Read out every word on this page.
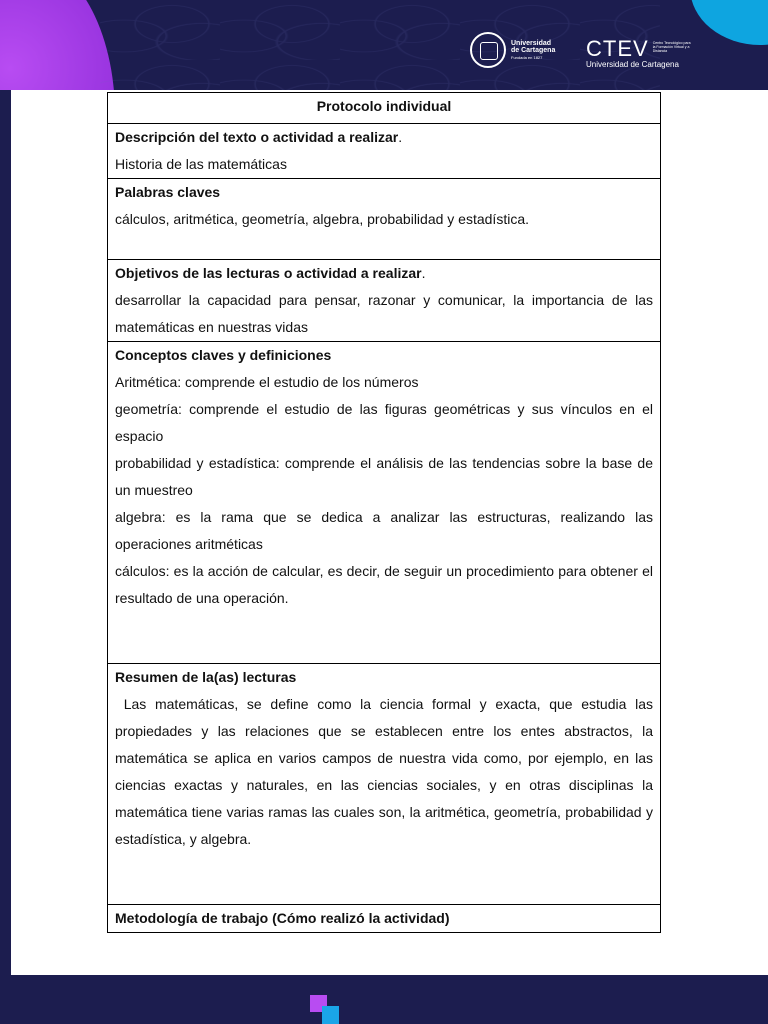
Universidad
de Cartagena
Fundada en 1827	CTEV Centro Tecnológico para la Formación Virtual y a Distancia
Universidad de Cartagena
Protocolo individual

Descripción del texto o actividad a realizar.

Historia de las matemáticas

Palabras claves

cálculos, aritmética, geometría, algebra, probabilidad y estadística.

Objetivos de las lecturas o actividad a realizar.

desarrollar la capacidad para pensar, razonar y comunicar, la importancia de las matemáticas en nuestras vidas

Conceptos claves y definiciones

Aritmética: comprende el estudio de los números

geometría: comprende el estudio de las figuras geométricas y sus vínculos en el espacio

probabilidad y estadística: comprende el análisis de las tendencias sobre la base de un muestreo

algebra: es la rama que se dedica a analizar las estructuras, realizando las operaciones aritméticas

cálculos: es la acción de calcular, es decir, de seguir un procedimiento para obtener el resultado de una operación.

Resumen de la(as) lecturas

Las matemáticas, se define como la ciencia formal y exacta, que estudia las propiedades y las relaciones que se establecen entre los entes abstractos, la matemática se aplica en varios campos de nuestra vida como, por ejemplo, en las ciencias exactas y naturales, en las ciencias sociales, y en otras disciplinas la matemática tiene varias ramas las cuales son, la aritmética, geometría, probabilidad y estadística, y algebra.

Metodología de trabajo (Cómo realizó la actividad)
